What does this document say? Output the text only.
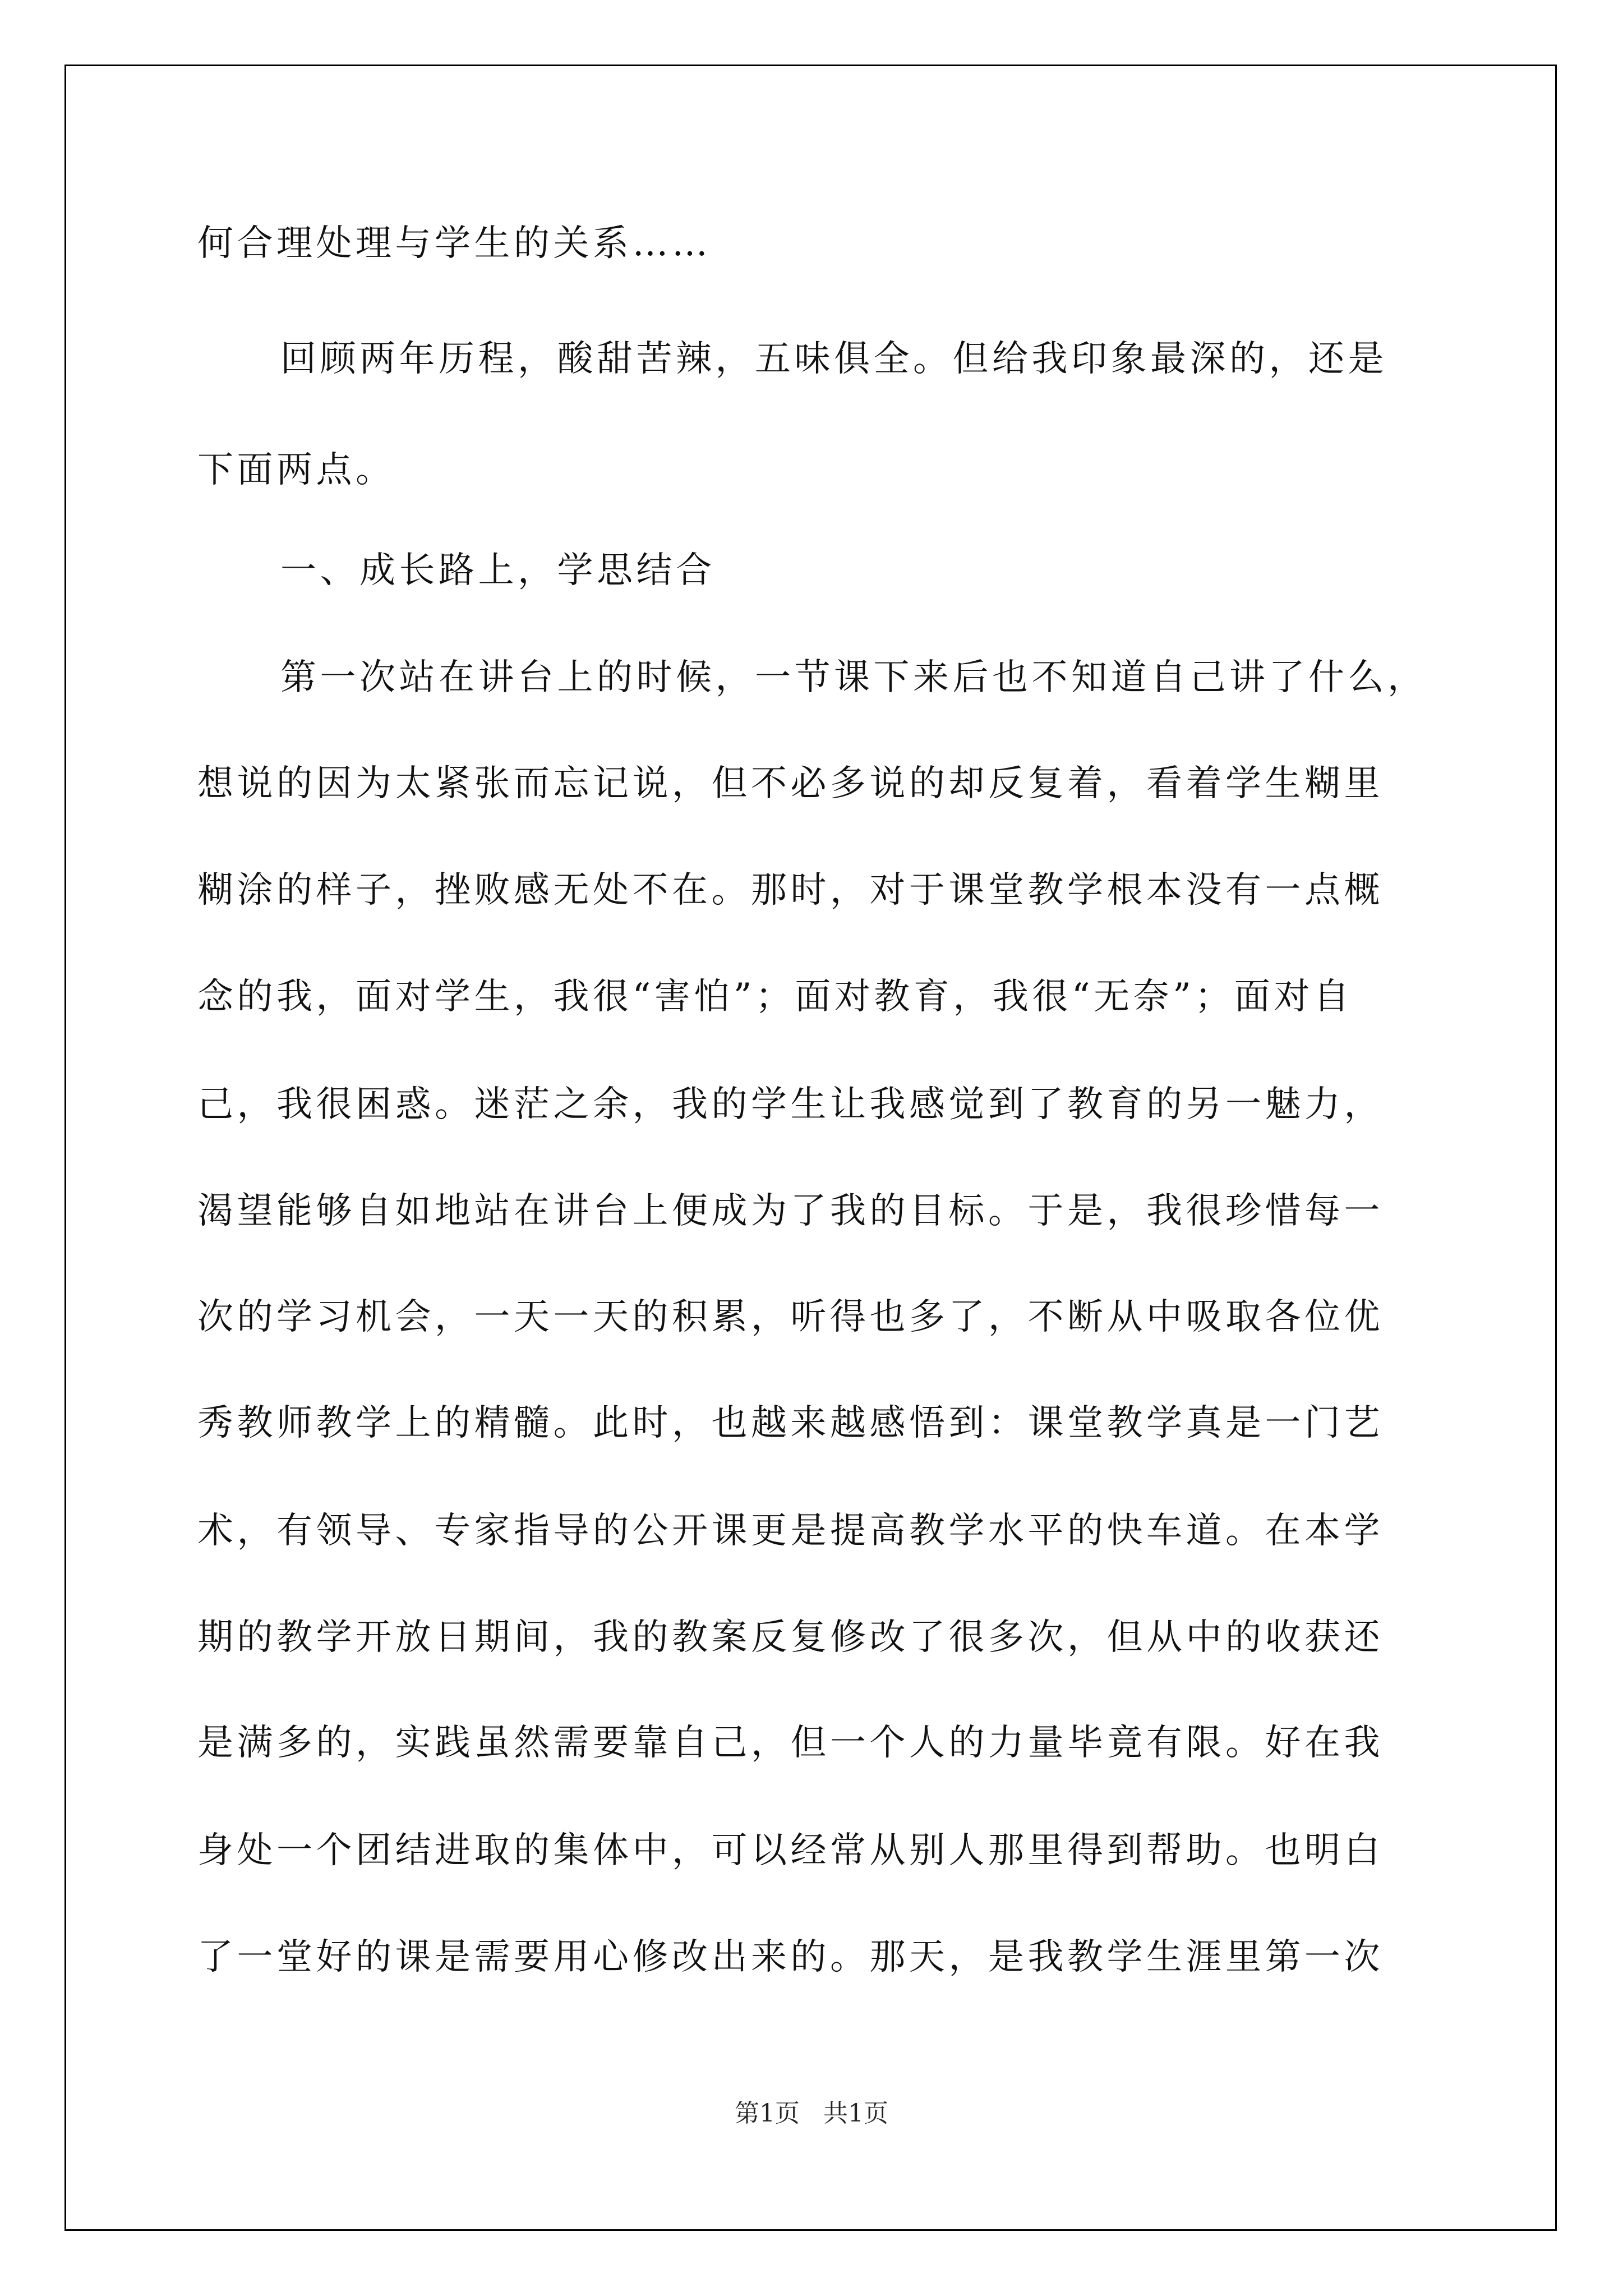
何合理处理与学生的关系……
回顾两年历程，酸甜苦辣，五味俱全。但给我印象最深的，还是
下面两点。
一、成长路上，学思结合
第一次站在讲台上的时候，一节课下来后也不知道自己讲了什么，
想说的因为太紧张而忘记说，但不必多说的却反复着，看着学生糊里
糊涂的样子，挫败感无处不在。那时，对于课堂教学根本没有一点概
念的我，面对学生，我很“害怕”；面对教育，我很“无奈”；面对自
己，我很困惑。迷茫之余，我的学生让我感觉到了教育的另一魅力，
渴望能够自如地站在讲台上便成为了我的目标。于是，我很珍惜每一
次的学习机会，一天一天的积累，听得也多了，不断从中吸取各位优
秀教师教学上的精髓。此时，也越来越感悟到：课堂教学真是一门艺
术，有领导、专家指导的公开课更是提高教学水平的快车道。在本学
期的教学开放日期间，我的教案反复修改了很多次，但从中的收获还
是满多的，实践虽然需要靠自己，但一个人的力量毕竟有限。好在我
身处一个团结进取的集体中，可以经常从别人那里得到帮助。也明白
了一堂好的课是需要用心修改出来的。那天，是我教学生涯里第一次
第1页   共1页
